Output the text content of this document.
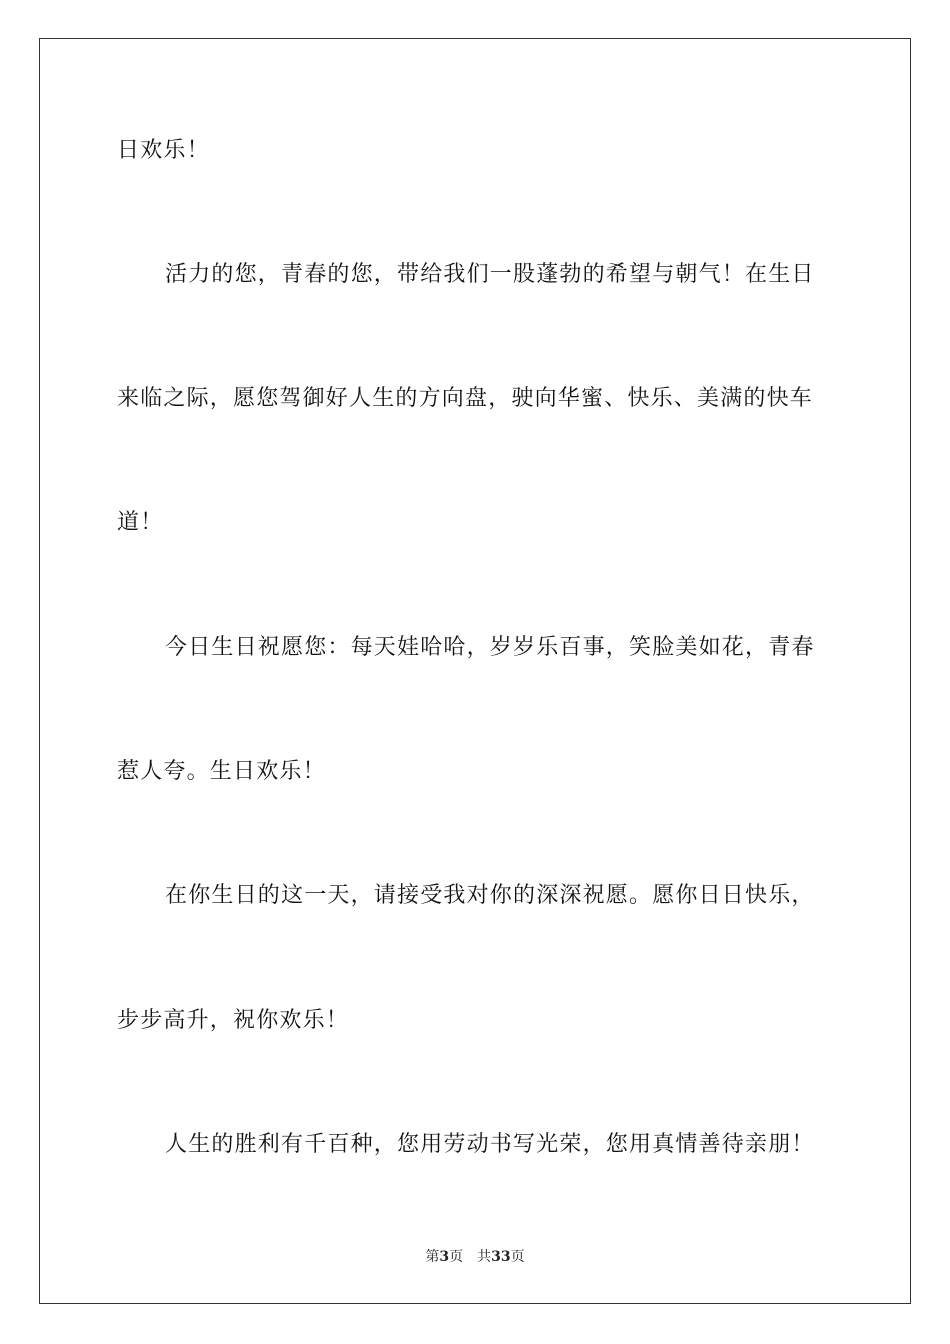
日欢乐！
活力的您，青春的您，带给我们一股蓬勃的希望与朝气！在生日
来临之际，愿您驾御好人生的方向盘，驶向华蜜、快乐、美满的快车
道！
今日生日祝愿您：每天娃哈哈，岁岁乐百事，笑脸美如花，青春
惹人夸。生日欢乐！
在你生日的这一天，请接受我对你的深深祝愿。愿你日日快乐，
步步高升，祝你欢乐！
人生的胜利有千百种，您用劳动书写光荣，您用真情善待亲朋！
第3页 共33页
